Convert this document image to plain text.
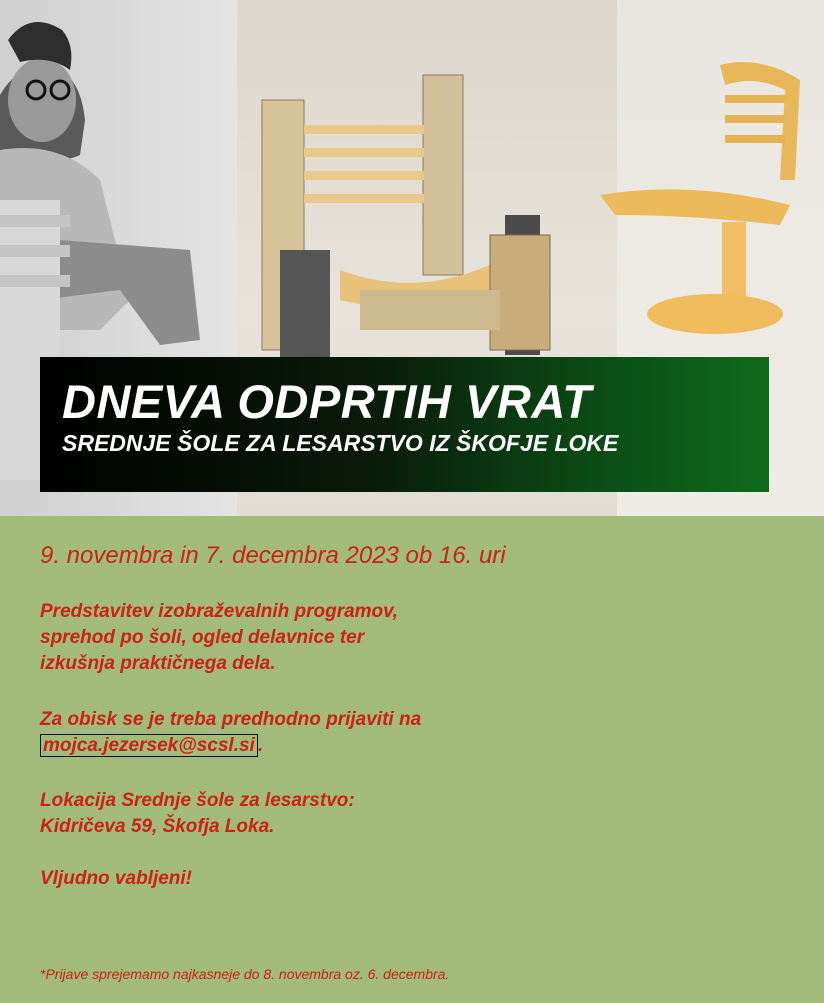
DNEVA ODPRTIH VRAT
SREDNJE ŠOLE ZA LESARSTVO IZ ŠKOFJE LOKE

9. novembra in 7. decembra 2023 ob 16. uri

Predstavitev izobraževalnih programov,

sprehod po šoli, ogled delavnice ter

izkušnja praktičnega dela.

Za obisk se je treba predhodno prijaviti na

mojca.jezersek@scsl.si .

Lokacija Srednje šole za lesarstvo:

Kidričeva 59, Škofja Loka.

Vljudno vabljeni!

*Prijave sprejemamo najkasneje do 8. novembra oz. 6. decembra.
